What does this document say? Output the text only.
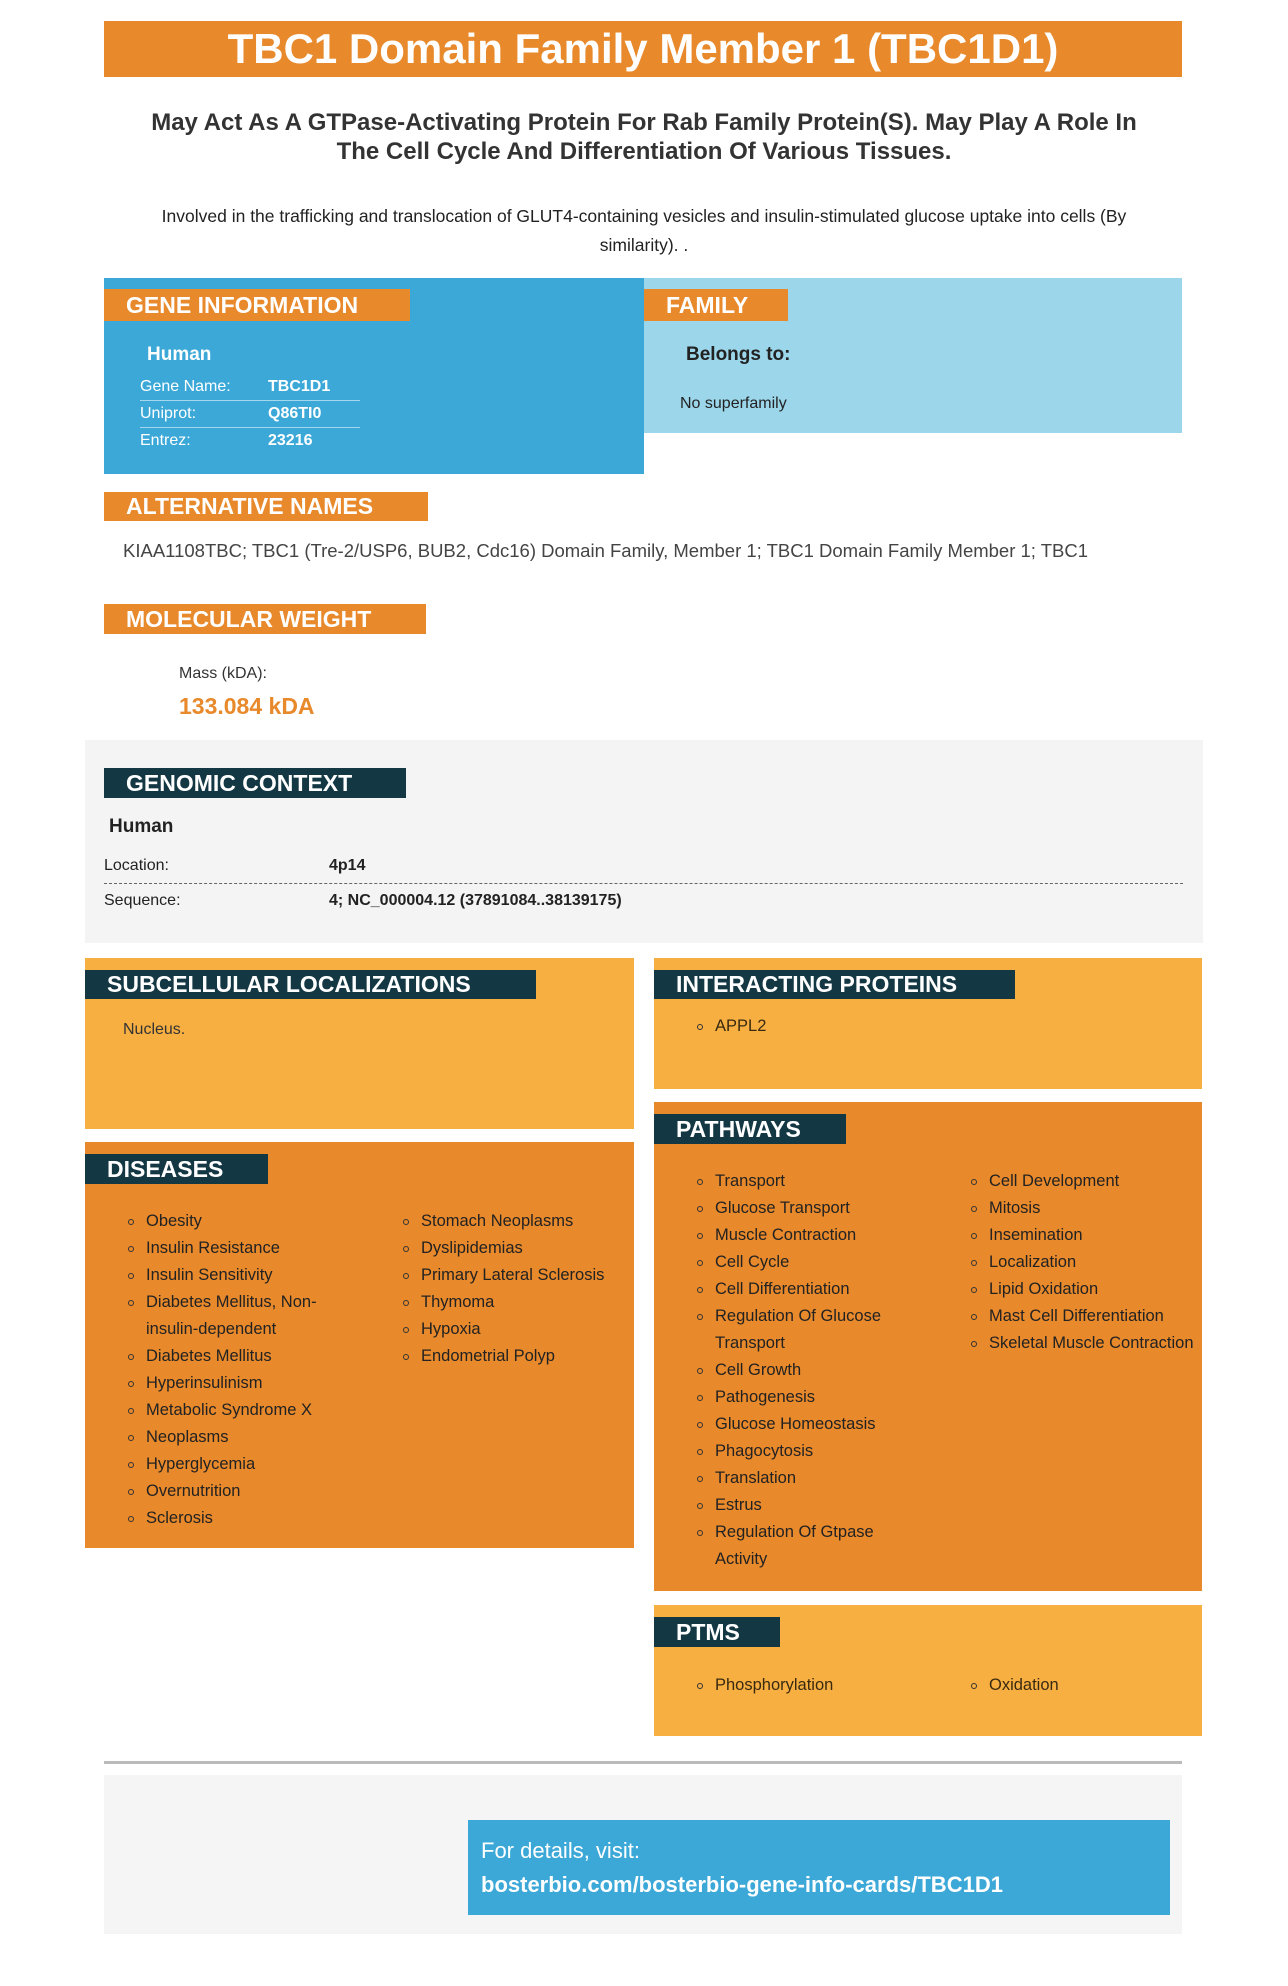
TBC1 Domain Family Member 1 (TBC1D1)
May Act As A GTPase-Activating Protein For Rab Family Protein(S). May Play A Role In The Cell Cycle And Differentiation Of Various Tissues.
Involved in the trafficking and translocation of GLUT4-containing vesicles and insulin-stimulated glucose uptake into cells (By similarity). .
Human
Gene Name:	TBC1D1
Uniprot:	Q86TI0
Entrez:	23216
GENE INFORMATION
Belongs to:
No superfamily
FAMILY
ALTERNATIVE NAMES
KIAA1108TBC; TBC1 (Tre-2/USP6, BUB2, Cdc16) Domain Family, Member 1; TBC1 Domain Family Member 1; TBC1
MOLECULAR WEIGHT
Mass (kDA):
133.084 kDA
GENOMIC CONTEXT
Human
Location:	4p14
Sequence:	4; NC_000004.12 (37891084..38139175)
SUBCELLULAR LOCALIZATIONS
Nucleus.
INTERACTING PROTEINS
APPL2
DISEASES
Obesity
Insulin Resistance
Insulin Sensitivity
Diabetes Mellitus, Non-insulin-dependent
Diabetes Mellitus
Hyperinsulinism
Metabolic Syndrome X
Neoplasms
Hyperglycemia
Overnutrition
Sclerosis
Stomach Neoplasms
Dyslipidemias
Primary Lateral Sclerosis
Thymoma
Hypoxia
Endometrial Polyp
PATHWAYS
Transport
Glucose Transport
Muscle Contraction
Cell Cycle
Cell Differentiation
Regulation Of Glucose Transport
Cell Growth
Pathogenesis
Glucose Homeostasis
Phagocytosis
Translation
Estrus
Regulation Of Gtpase Activity
Cell Development
Mitosis
Insemination
Localization
Lipid Oxidation
Mast Cell Differentiation
Skeletal Muscle Contraction
PTMS
Phosphorylation	Oxidation
For details, visit:
bosterbio.com/bosterbio-gene-info-cards/TBC1D1
